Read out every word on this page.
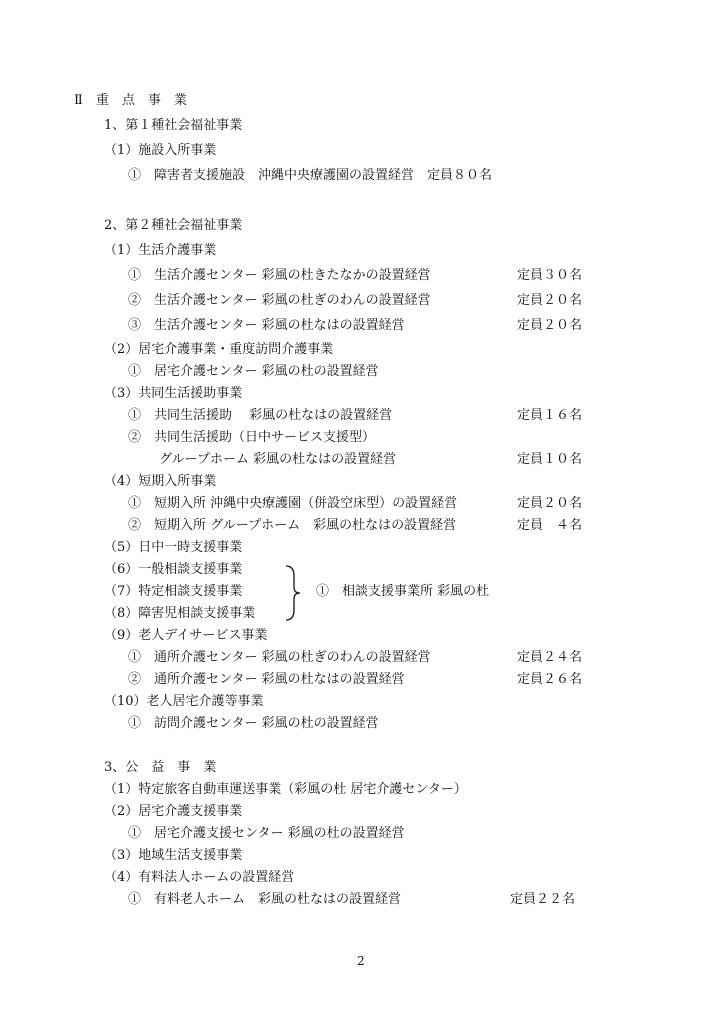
Ⅱ　重　点　事　業
1、第１種社会福祉事業
（1）施設入所事業
①　障害者支援施設　沖縄中央療護園の設置経営　定員８０名
2、第２種社会福祉事業
（1）生活介護事業
①　生活介護センター 彩風の杜きたなかの設置経営	定員３０名
②　生活介護センター 彩風の杜ぎのわんの設置経営	定員２０名
③　生活介護センター 彩風の杜なはの設置経営	定員２０名
（2）居宅介護事業・重度訪問介護事業
①　居宅介護センター 彩風の杜の設置経営
（3）共同生活援助事業
①　共同生活援助　 彩風の杜なはの設置経営	定員１６名
②　共同生活援助（日中サービス支援型）
グループホーム 彩風の杜なはの設置経営	定員１０名
（4）短期入所事業
①　短期入所 沖縄中央療護園（併設空床型）の設置経営	定員２０名
②　短期入所 グループホーム　彩風の杜なはの設置経営	定員　４名
（5）日中一時支援事業
（6）一般相談支援事業
（7）特定相談支援事業
（8）障害児相談支援事業
①　相談支援事業所 彩風の杜
（9）老人デイサービス事業
①　通所介護センター 彩風の杜ぎのわんの設置経営	定員２４名
②　通所介護センター 彩風の杜なはの設置経営	定員２６名
（10）老人居宅介護等事業
①　訪問介護センター 彩風の杜の設置経営
3、公　益　事　業
（1）特定旅客自動車運送事業（彩風の杜 居宅介護センター）
（2）居宅介護支援事業
①　居宅介護支援センター 彩風の杜の設置経営
（3）地域生活支援事業
（4）有料法人ホームの設置経営
①　有料老人ホーム　彩風の杜なはの設置経営	定員２２名
2
